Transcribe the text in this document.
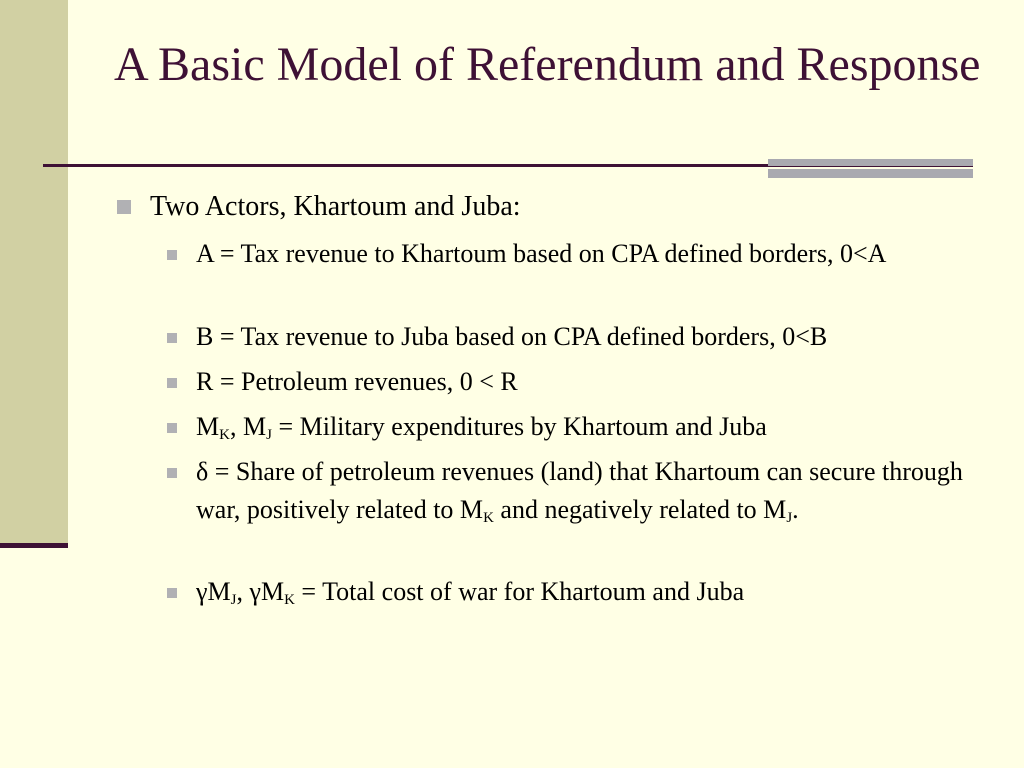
A Basic Model of Referendum and Response
Two Actors, Khartoum and Juba:
A = Tax revenue to Khartoum based on CPA defined borders, 0<A
B = Tax revenue to Juba based on CPA defined borders, 0<B
R = Petroleum revenues, 0 < R
$M_K$, $M_J$ = Military expenditures by Khartoum and Juba
δ = Share of petroleum revenues (land) that Khartoum can secure through war, positively related to $M_K$ and negatively related to $M_J$.
$\gamma M_J$, $\gamma M_K$ = Total cost of war for Khartoum and Juba
